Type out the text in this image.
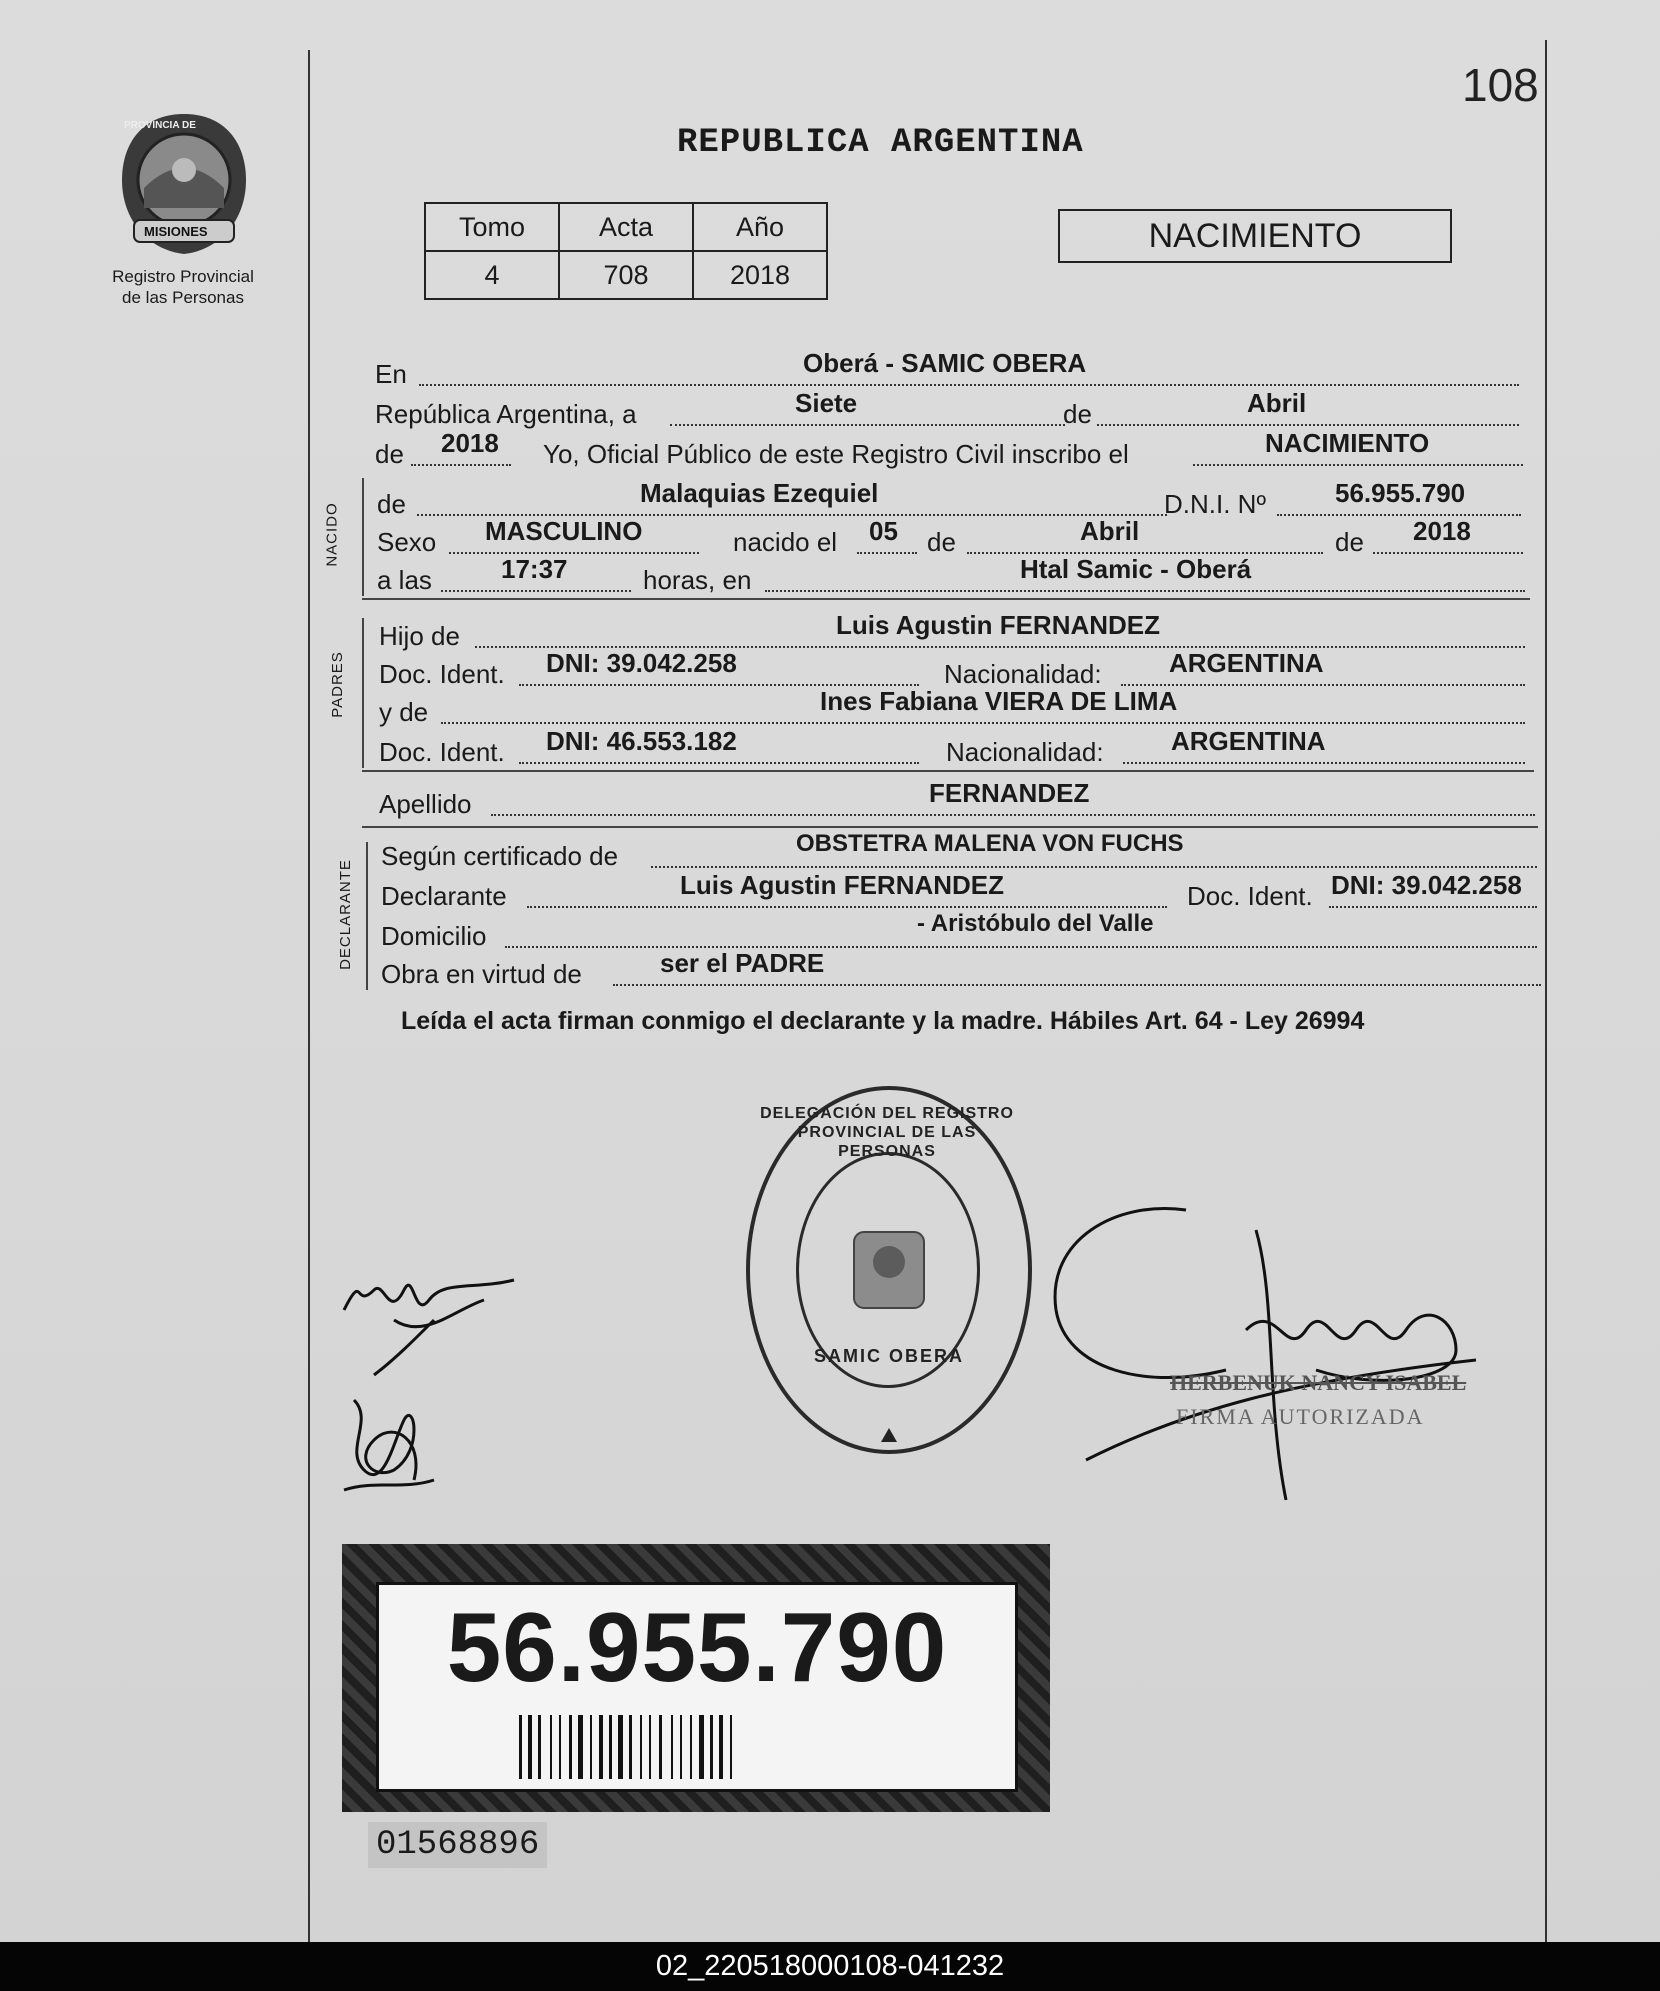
108
PROVINCIA DE
MISIONES
Registro Provincial
de las Personas
REPUBLICA ARGENTINA
Tomo	Acta	Año
4	708	2018
NACIMIENTO
En	Oberá - SAMIC OBERA
República Argentina, a	Siete	de	Abril
de 2018 Yo, Oficial Público de este Registro Civil inscribo el	NACIMIENTO
NACIDO de	Malaquias Ezequiel	D.N.I. Nº	56.955.790
Sexo MASCULINO	nacido el 05 de	Abril	de 2018
a las	17:37	horas, en	Htal Samic - Oberá
PADRES
Hijo de	Luis Agustin FERNANDEZ
Doc. Ident. DNI: 39.042.258	Nacionalidad:	ARGENTINA
y de	Ines Fabiana VIERA DE LIMA
Doc. Ident. DNI: 46.553.182	Nacionalidad:	ARGENTINA
Apellido	FERNANDEZ
DECLARANTE
Según certificado de	OBSTETRA MALENA VON FUCHS
Declarante	Luis Agustin FERNANDEZ	Doc. Ident. DNI: 39.042.258
Domicilio	- Aristóbulo del Valle
Obra en virtud de	ser el PADRE
Leída el acta firman conmigo el declarante y la madre. Hábiles Art. 64 - Ley 26994
DELEGACIÓN DEL REGISTRO PROVINCIAL DE LAS PERSONAS
SAMIC OBERA
HERBENUK NANCY ISABEL
FIRMA AUTORIZADA
56.955.790
01568896
02_220518000108-041232
